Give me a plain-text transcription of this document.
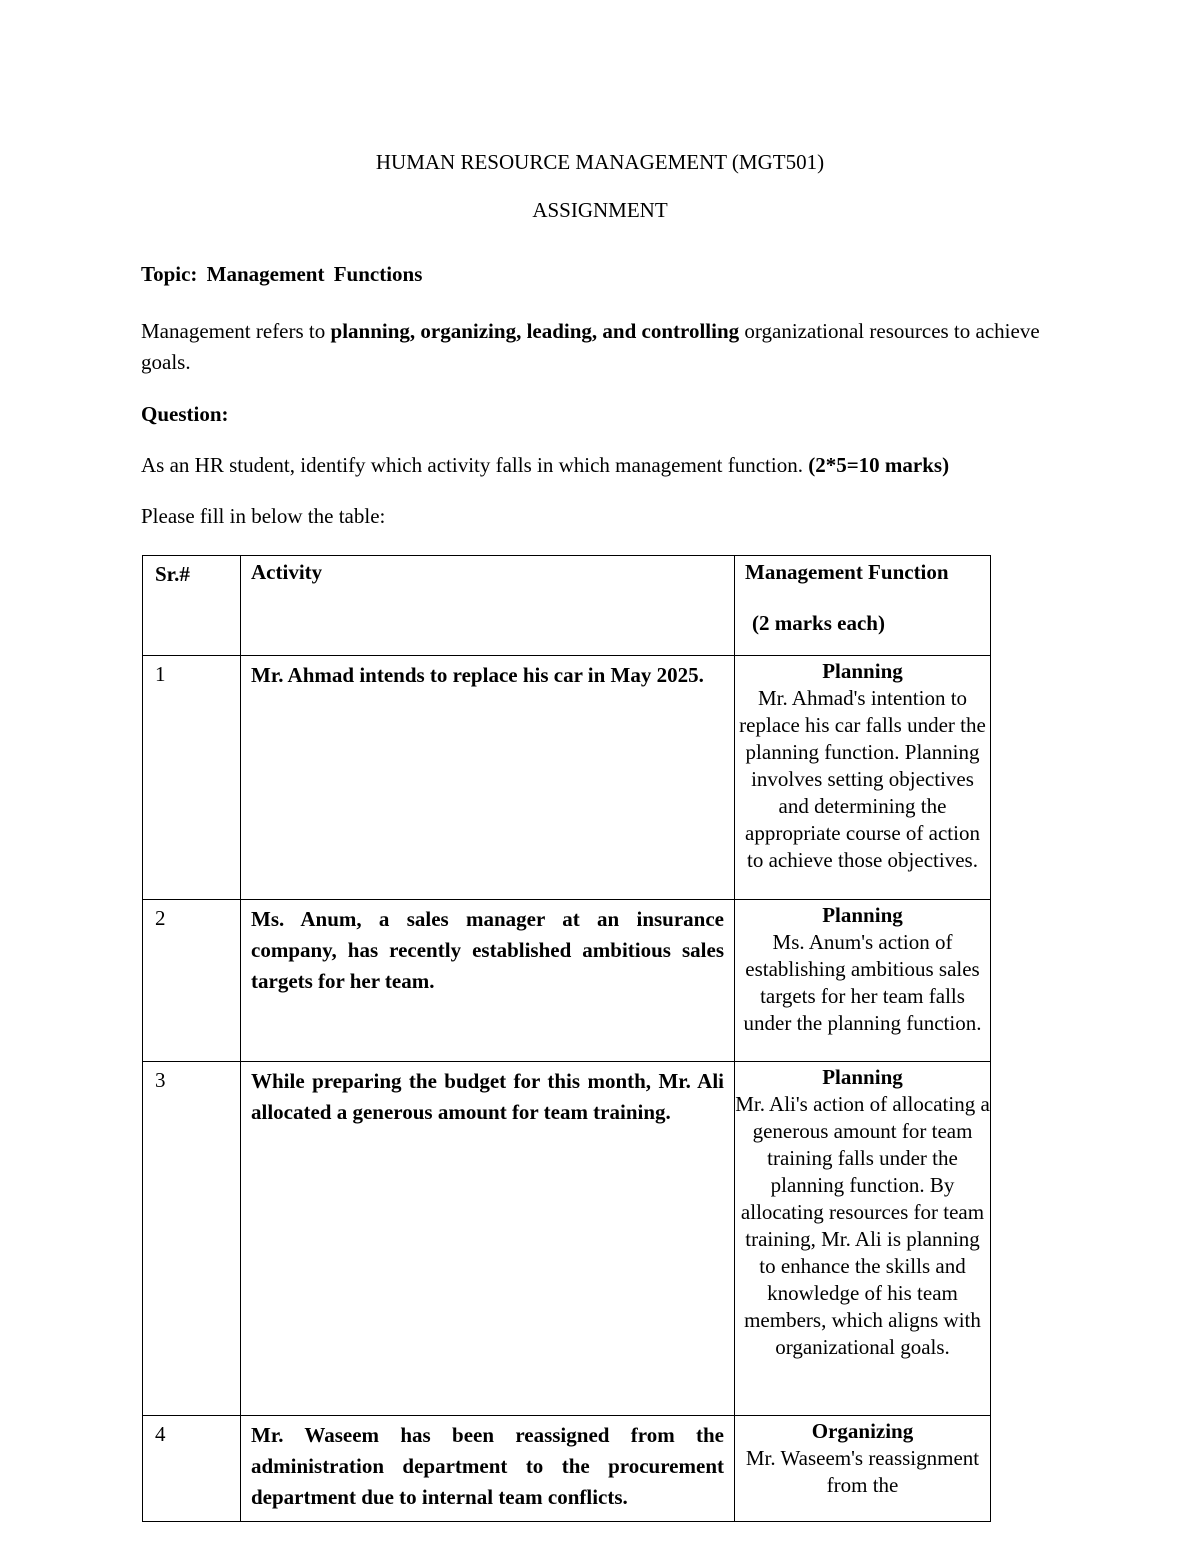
HUMAN RESOURCE MANAGEMENT (MGT501)
ASSIGNMENT
Topic: Management Functions
Management refers to planning, organizing, leading, and controlling organizational resources to achieve goals.
Question:
As an HR student, identify which activity falls in which management function. (2*5=10 marks)
Please fill in below the table:
Sr.#	Activity	Management Function
(2 marks each)

1	Mr. Ahmad intends to replace his car in May 2025.	Planning
Mr. Ahmad's intention to replace his car falls under the planning function. Planning involves setting objectives and determining the appropriate course of action to achieve those objectives.
2	Ms. Anum, a sales manager at an insurance company, has recently established ambitious sales targets for her team.	Planning
Ms. Anum's action of establishing ambitious sales targets for her team falls under the planning function.
3	While preparing the budget for this month, Mr. Ali allocated a generous amount for team training.	Planning
Mr. Ali's action of allocating a generous amount for team training falls under the planning function. By allocating resources for team training, Mr. Ali is planning to enhance the skills and knowledge of his team members, which aligns with organizational goals.
4	Mr. Waseem has been reassigned from the administration department to the procurement department due to internal team conflicts.	Organizing
Mr. Waseem's reassignment from the
